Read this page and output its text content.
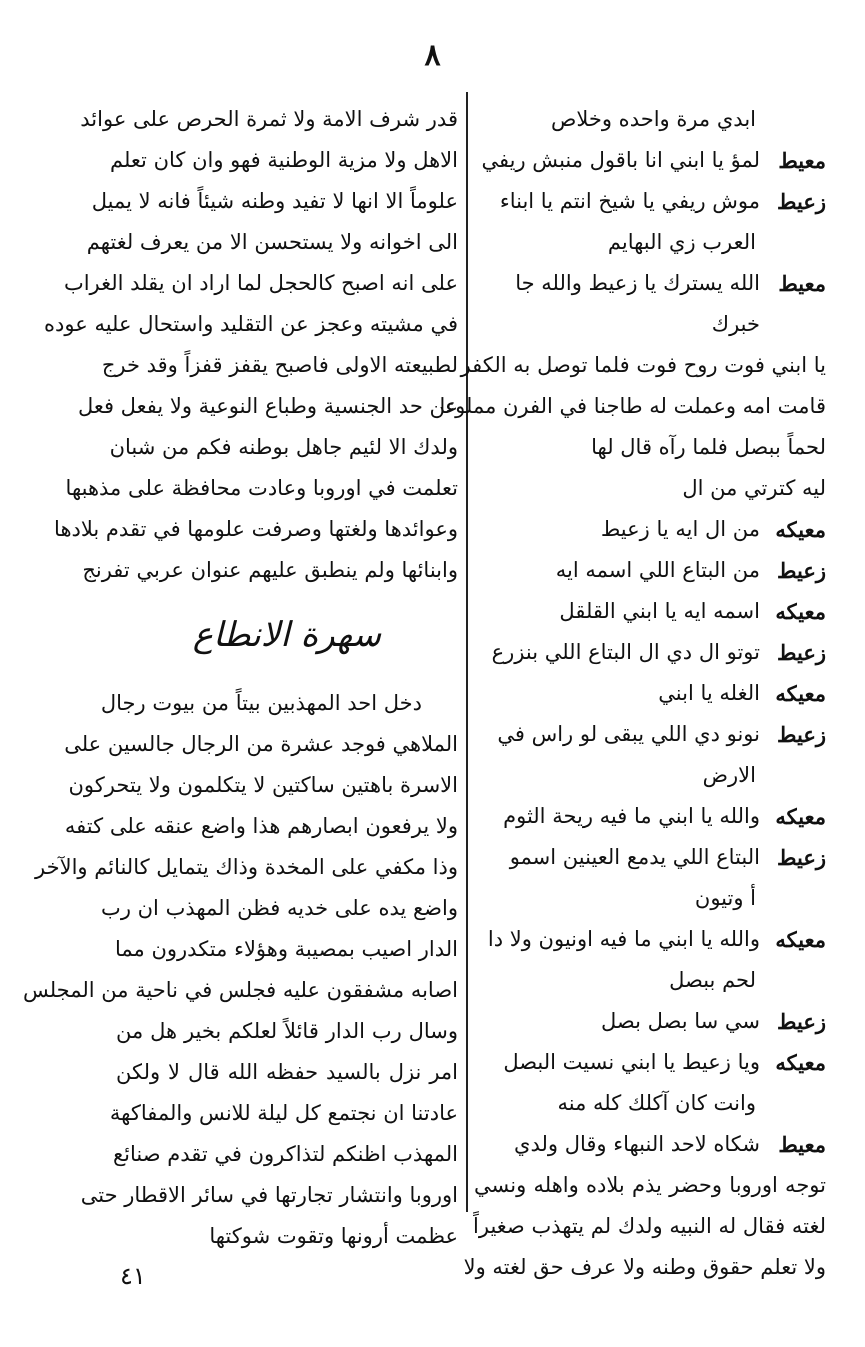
٨
ابدي مرة واحده وخلاص
معيط
لمؤ يا ابني انا باقول منبش ريفي
زعيط
موش ريفي يا شيخ انتم يا ابناء
العرب زي البهايم
معيط
الله يسترك يا زعيط والله جا خبرك
يا ابني فوت روح فوت فلما توصل به الكفر
قامت امه وعملت له طاجنا في الفرن مملوءا
لحماً ببصل فلما رآه قال لها
ليه كترتي من ال
معيكه
من ال ايه يا زعيط
زعيط
من البتاع اللي اسمه ايه
معيكه
اسمه ايه يا ابني القلقل
زعيط
توتو ال دي ال البتاع اللي بنزرع
معيكه
الغله يا ابني
زعيط
نونو دي اللي يبقى لو راس في
الارض
معيكه
والله يا ابني ما فيه ريحة الثوم
زعيط
البتاع اللي يدمع العينين اسمو
أ وتيون
معيكه
والله يا ابني ما فيه اونيون ولا دا
لحم ببصل
زعيط
سي سا بصل بصل
معيكه
ويا زعيط يا ابني نسيت البصل
وانت كان آكلك كله منه
معيط
شكاه لاحد النبهاء وقال ولدي
توجه اوروبا وحضر يذم بلاده واهله ونسي
لغته فقال له النبيه ولدك لم يتهذب صغيراً
ولا تعلم حقوق وطنه ولا عرف حق لغته ولا
قدر شرف الامة ولا ثمرة الحرص على عوائد
الاهل ولا مزية الوطنية فهو وان كان تعلم
علوماً الا انها لا تفيد وطنه شيئاً فانه لا يميل
الى اخوانه ولا يستحسن الا من يعرف لغتهم
على انه اصبح كالحجل لما اراد ان يقلد الغراب
في مشيته وعجز عن التقليد واستحال عليه عوده
لطبيعته الاولى فاصبح يقفز قفزاً وقد خرج
عن حد الجنسية وطباع النوعية ولا يفعل فعل
ولدك الا لئيم جاهل بوطنه فكم من شبان
تعلمت في اوروبا وعادت محافظة على مذهبها
وعوائدها ولغتها وصرفت علومها في تقدم بلادها
وابنائها ولم ينطبق عليهم عنوان عربي تفرنج
سهرة الانطاع
دخل احد المهذبين بيتاً من بيوت رجال
الملاهي فوجد عشرة من الرجال جالسين على
الاسرة باهتين ساكتين لا يتكلمون ولا يتحركون
ولا يرفعون ابصارهم هذا واضع عنقه على كتفه
وذا مكفي على المخدة وذاك يتمايل كالنائم والآخر
واضع يده على خديه فظن المهذب ان رب
الدار اصيب بمصيبة وهؤلاء متكدرون مما
اصابه مشفقون عليه فجلس في ناحية من المجلس
وسال رب الدار قائلاً لعلكم بخير هل من
امر نزل بالسيد حفظه الله قال لا ولكن
عادتنا ان نجتمع كل ليلة للانس والمفاكهة
المهذب اظنكم لتذاكرون في تقدم صنائع
اوروبا وانتشار تجارتها في سائر الاقطار حتى
عظمت أرونها وتقوت شوكتها
٤١
